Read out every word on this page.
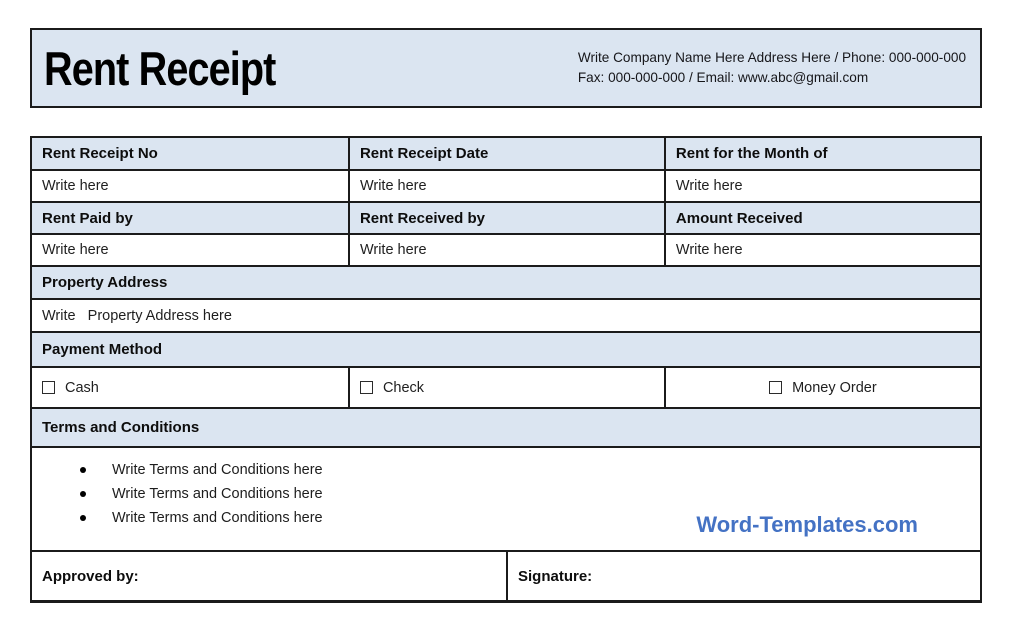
Rent Receipt	Write Company Name Here Address Here / Phone: 000-000-000
Fax: 000-000-000 / Email: www.abc@gmail.com
Rent Receipt No	Rent Receipt Date	Rent for the Month of
Write here	Write here	Write here
Rent Paid by	Rent Received by	Amount Received
Write here	Write here	Write here
Property Address
Write   Property Address here
Payment Method
Cash	Check	Money Order
Terms and Conditions
Write Terms and Conditions here
Write Terms and Conditions here
Write Terms and Conditions here	Word-Templates.com
Approved by:	Signature:
